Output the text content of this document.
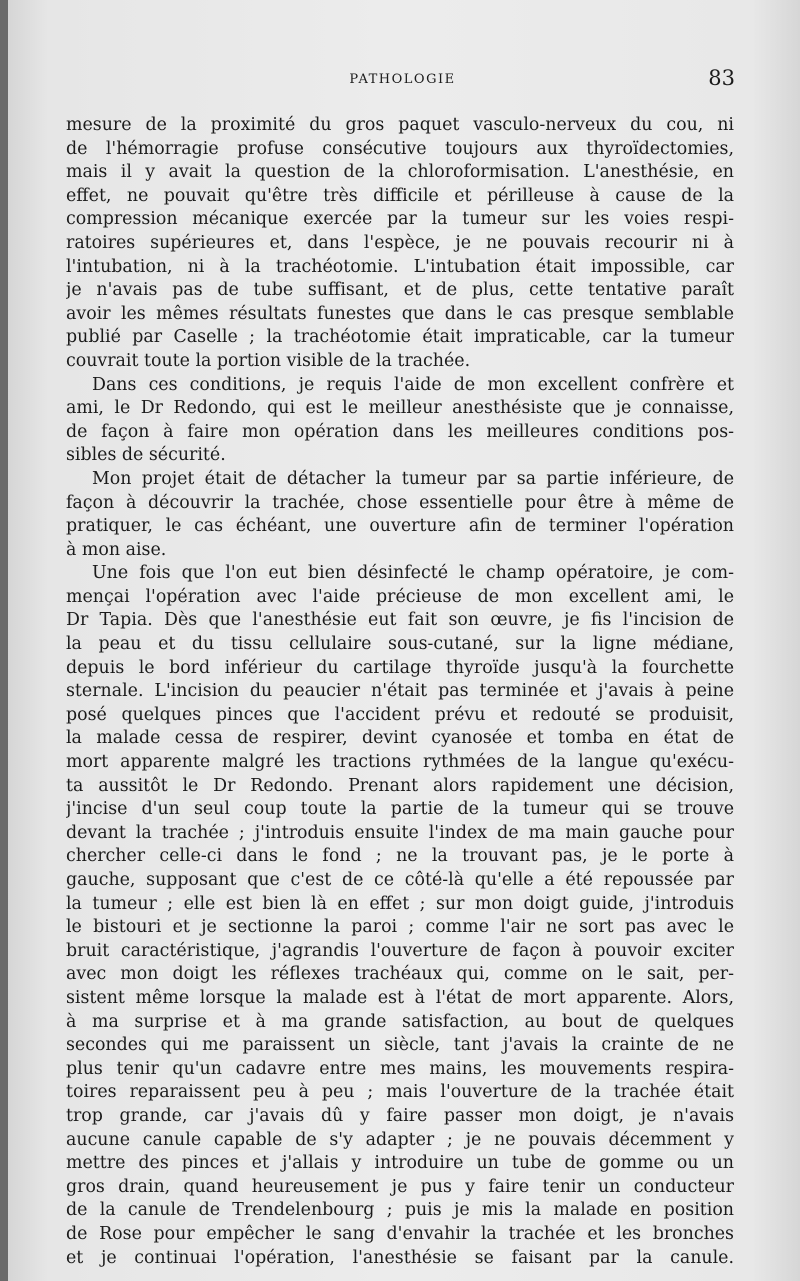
PATHOLOGIE	83
mesure de la proximité du gros paquet vasculo-nerveux du cou, ni
de l'hémorragie profuse consécutive toujours aux thyroïdectomies,
mais il y avait la question de la chloroformisation. L'anesthésie, en
effet, ne pouvait qu'être très difficile et périlleuse à cause de la
compression mécanique exercée par la tumeur sur les voies respi-
ratoires supérieures et, dans l'espèce, je ne pouvais recourir ni à
l'intubation, ni à la trachéotomie. L'intubation était impossible, car
je n'avais pas de tube suffisant, et de plus, cette tentative paraît
avoir les mêmes résultats funestes que dans le cas presque semblable
publié par Caselle ; la trachéotomie était impraticable, car la tumeur
couvrait toute la portion visible de la trachée.
Dans ces conditions, je requis l'aide de mon excellent confrère et
ami, le Dr Redondo, qui est le meilleur anesthésiste que je connaisse,
de façon à faire mon opération dans les meilleures conditions pos-
sibles de sécurité.
Mon projet était de détacher la tumeur par sa partie inférieure, de
façon à découvrir la trachée, chose essentielle pour être à même de
pratiquer, le cas échéant, une ouverture afin de terminer l'opération
à mon aise.
Une fois que l'on eut bien désinfecté le champ opératoire, je com-
mençai l'opération avec l'aide précieuse de mon excellent ami, le
Dr Tapia. Dès que l'anesthésie eut fait son œuvre, je fis l'incision de
la peau et du tissu cellulaire sous-cutané, sur la ligne médiane,
depuis le bord inférieur du cartilage thyroïde jusqu'à la fourchette
sternale. L'incision du peaucier n'était pas terminée et j'avais à peine
posé quelques pinces que l'accident prévu et redouté se produisit,
la malade cessa de respirer, devint cyanosée et tomba en état de
mort apparente malgré les tractions rythmées de la langue qu'exécu-
ta aussitôt le Dr Redondo. Prenant alors rapidement une décision,
j'incise d'un seul coup toute la partie de la tumeur qui se trouve
devant la trachée ; j'introduis ensuite l'index de ma main gauche pour
chercher celle-ci dans le fond ; ne la trouvant pas, je le porte à
gauche, supposant que c'est de ce côté-là qu'elle a été repoussée par
la tumeur ; elle est bien là en effet ; sur mon doigt guide, j'introduis
le bistouri et je sectionne la paroi ; comme l'air ne sort pas avec le
bruit caractéristique, j'agrandis l'ouverture de façon à pouvoir exciter
avec mon doigt les réflexes trachéaux qui, comme on le sait, per-
sistent même lorsque la malade est à l'état de mort apparente. Alors,
à ma surprise et à ma grande satisfaction, au bout de quelques
secondes qui me paraissent un siècle, tant j'avais la crainte de ne
plus tenir qu'un cadavre entre mes mains, les mouvements respira-
toires reparaissent peu à peu ; mais l'ouverture de la trachée était
trop grande, car j'avais dû y faire passer mon doigt, je n'avais
aucune canule capable de s'y adapter ; je ne pouvais décemment y
mettre des pinces et j'allais y introduire un tube de gomme ou un
gros drain, quand heureusement je pus y faire tenir un conducteur
de la canule de Trendelenbourg ; puis je mis la malade en position
de Rose pour empêcher le sang d'envahir la trachée et les bronches
et je continuai l'opération, l'anesthésie se faisant par la canule.
